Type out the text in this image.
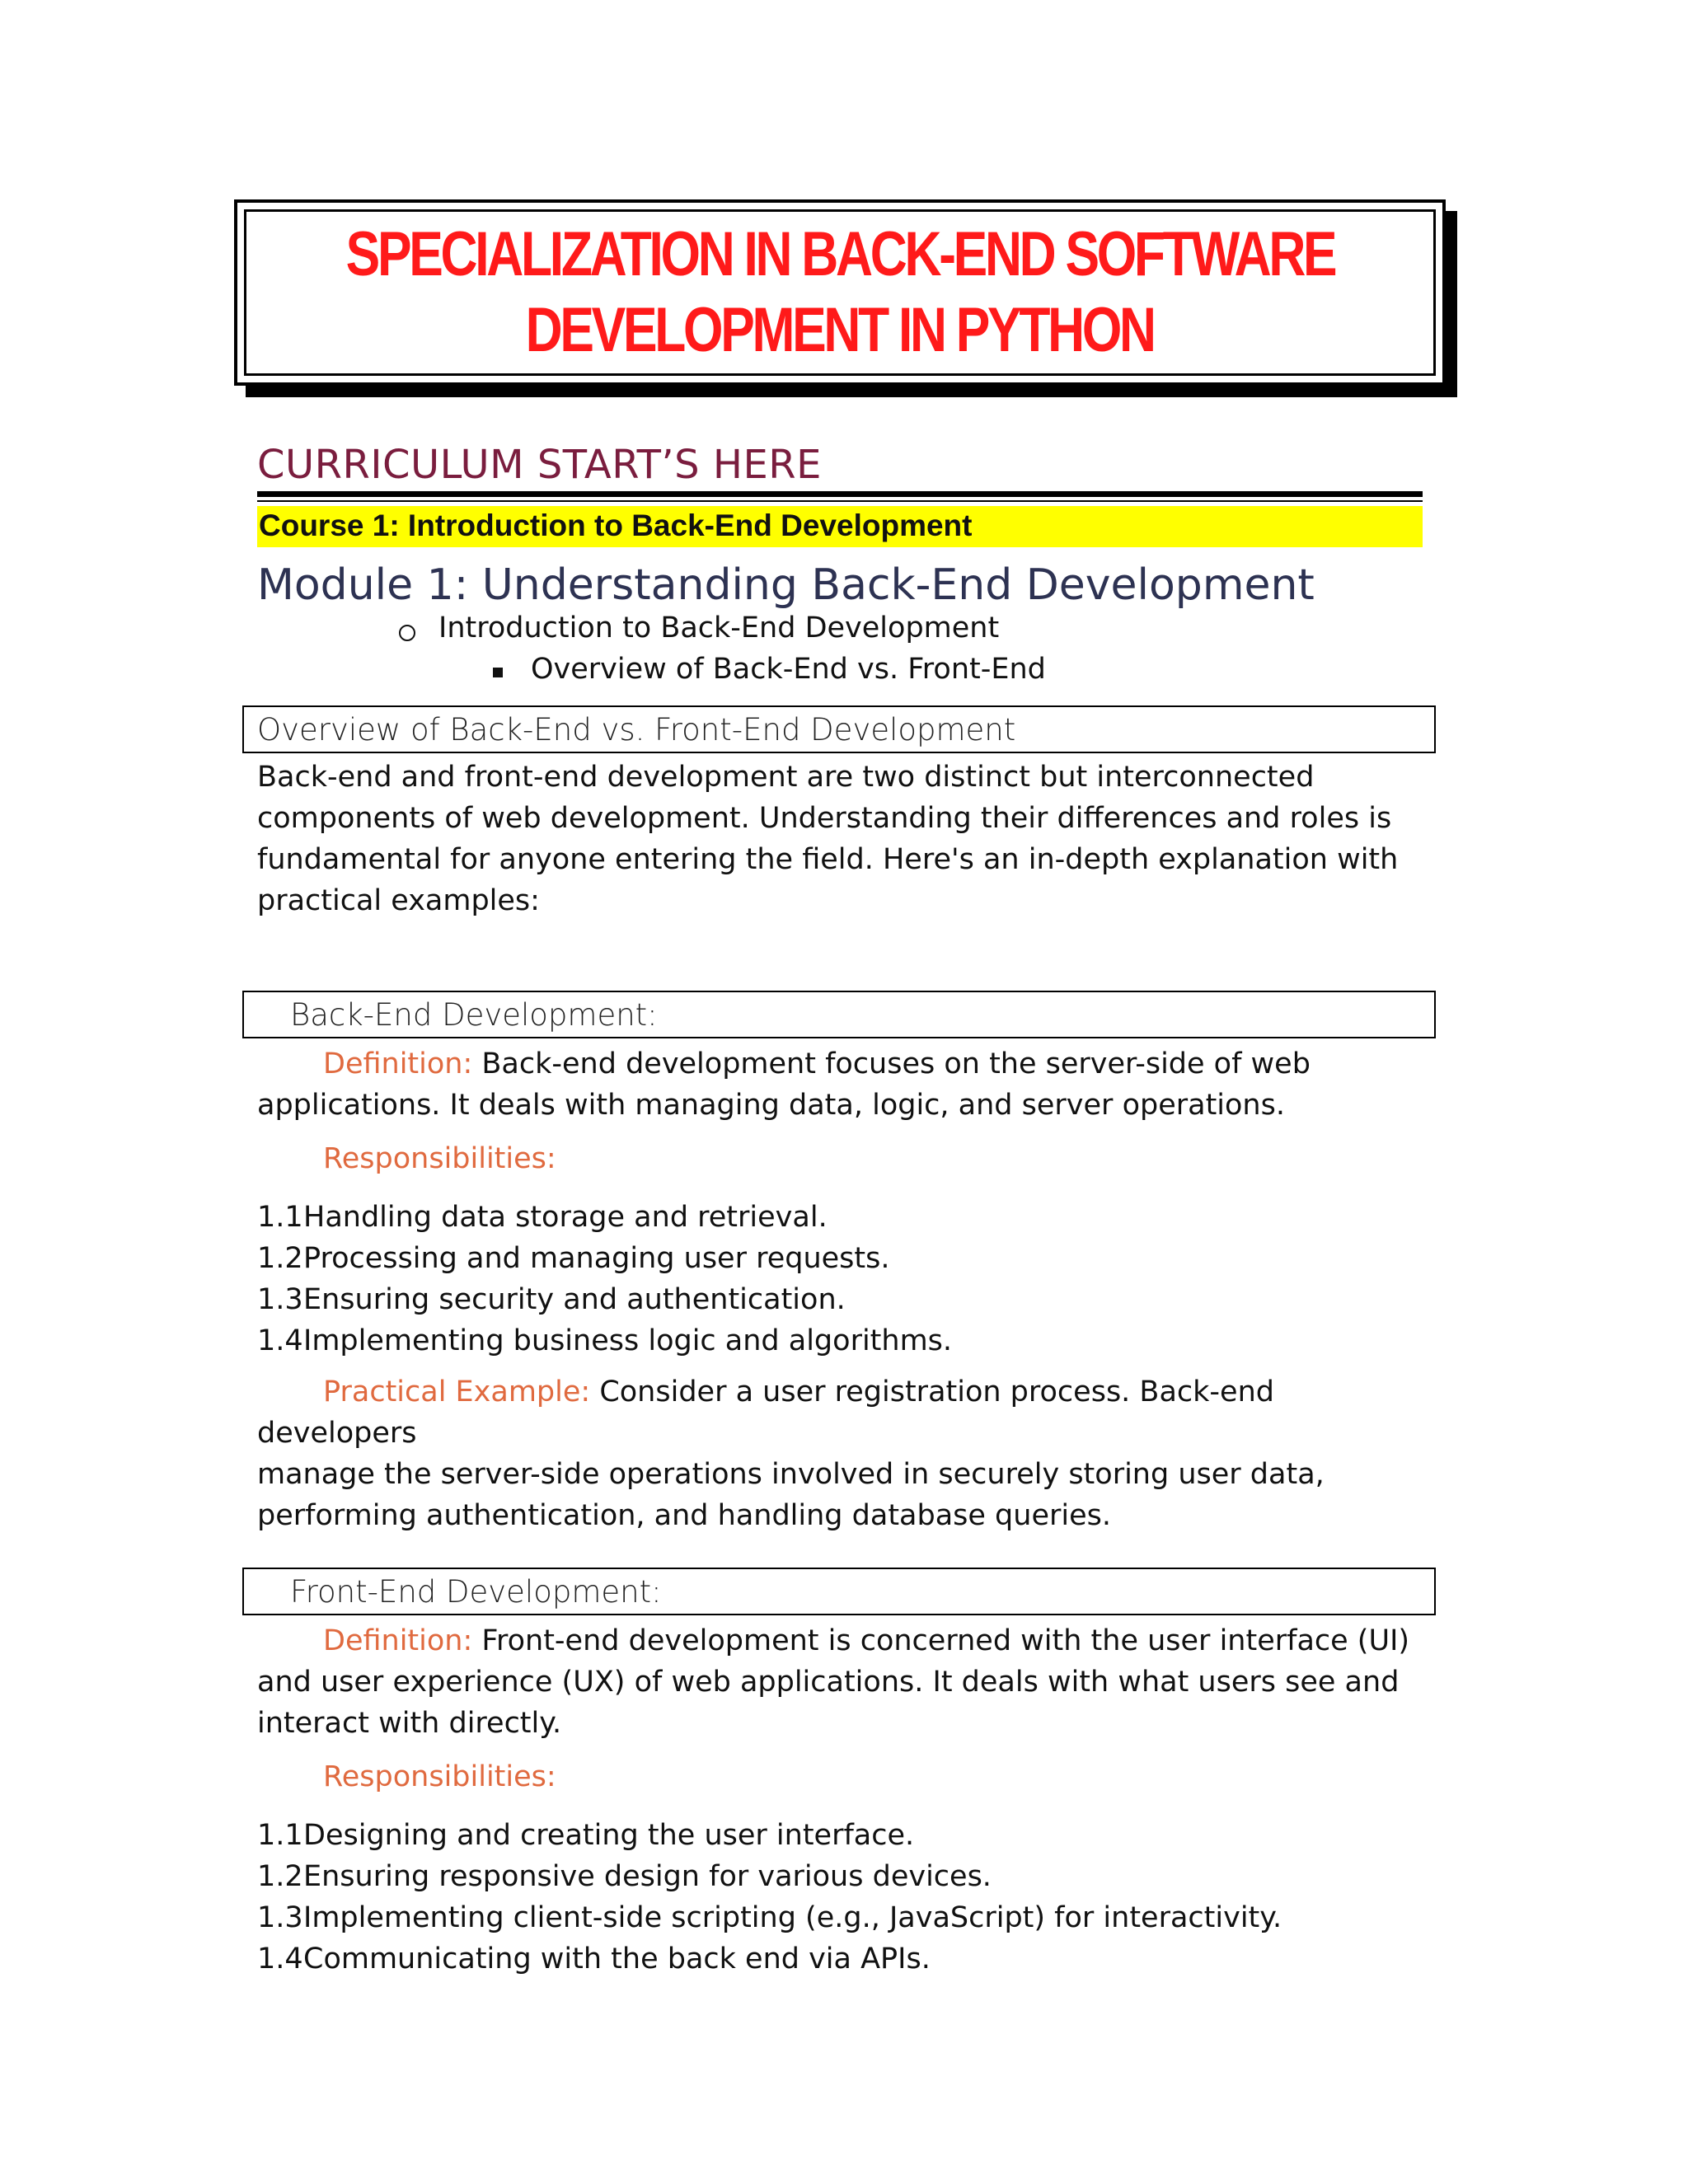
SPECIALIZATION IN BACK-END SOFTWARE
DEVELOPMENT IN PYTHON
CURRICULUM START’S HERE
Course 1: Introduction to Back-End Development
Module 1: Understanding Back-End Development
Introduction to Back-End Development
Overview of Back-End vs. Front-End
Overview of Back-End vs. Front-End Development
Back-end and front-end development are two distinct but interconnected
components of web development. Understanding their differences and roles is
fundamental for anyone entering the field. Here's an in-depth explanation with
practical examples:
Back-End Development:
Definition: Back-end development focuses on the server-side of web
applications. It deals with managing data, logic, and server operations.
Responsibilities:
1.1Handling data storage and retrieval.
1.2Processing and managing user requests.
1.3Ensuring security and authentication.
1.4Implementing business logic and algorithms.
Practical Example: Consider a user registration process. Back-end developers
manage the server-side operations involved in securely storing user data,
performing authentication, and handling database queries.
Front-End Development:
Definition: Front-end development is concerned with the user interface (UI)
and user experience (UX) of web applications. It deals with what users see and
interact with directly.
Responsibilities:
1.1Designing and creating the user interface.
1.2Ensuring responsive design for various devices.
1.3Implementing client-side scripting (e.g., JavaScript) for interactivity.
1.4Communicating with the back end via APIs.
